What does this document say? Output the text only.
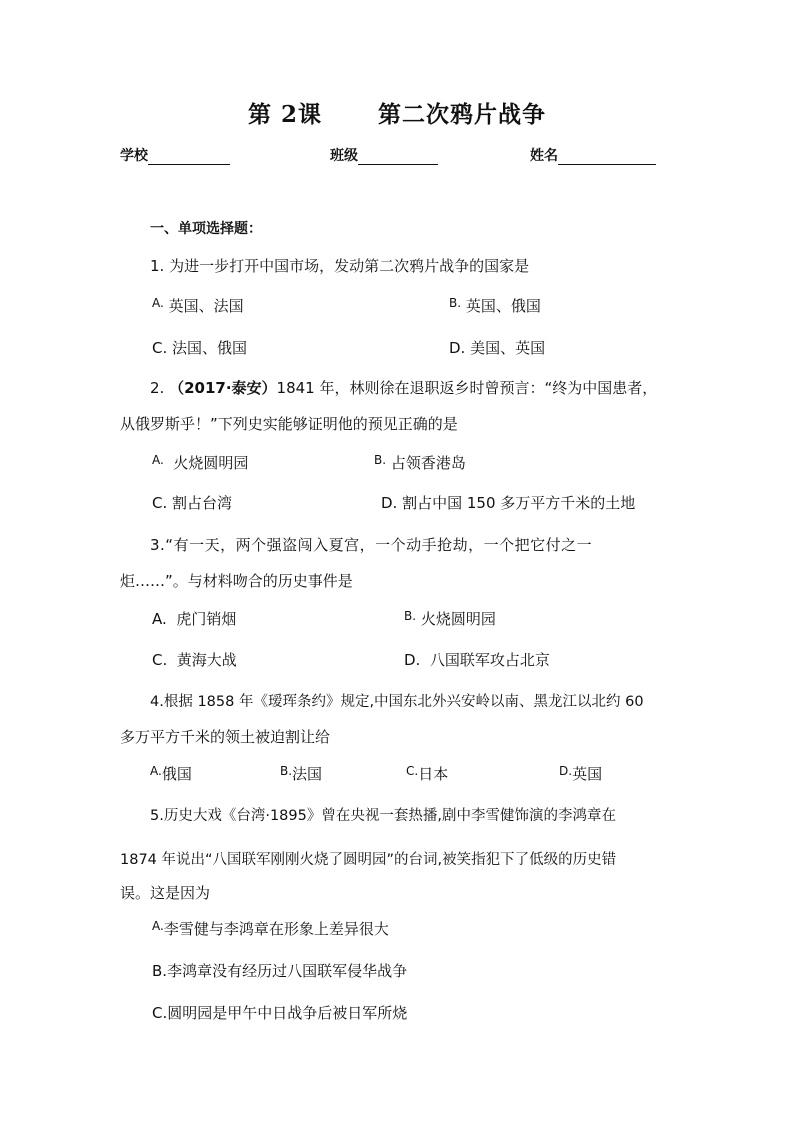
第 2课 第二次鸦片战争
学校	班级	姓名
一、单项选择题：
1. 为进一步打开中国市场，发动第二次鸦片战争的国家是
$^{A.}$ 英国、法国	$^{B.}$ 英国、俄国
C. 法国、俄国	D. 美国、英国
2. （2017·泰安）1841 年，林则徐在退职返乡时曾预言：“终为中国患者，
从俄罗斯乎！”下列史实能够证明他的预见正确的是
$^{A.}$ 火烧圆明园	$^{B.}$ 占领香港岛
C. 割占台湾	D. 割占中国 150 多万平方千米的土地
3.“有一天，两个强盗闯入夏宫，一个动手抢劫，一个把它付之一
炬……”。与材料吻合的历史事件是
A. 虎门销烟	$^{B.}$ 火烧圆明园
C. 黄海大战	D. 八国联军攻占北京
4.根据 1858 年《瑷珲条约》规定,中国东北外兴安岭以南、黑龙江以北约 60
多万平方千米的领土被迫割让给
$^{A.}$俄国	$^{B.}$法国	$^{C.}$日本	$^{D.}$英国
5.历史大戏《台湾·1895》曾在央视一套热播,剧中李雪健饰演的李鸿章在
1874 年说出“八国联军刚刚火烧了圆明园”的台词,被笑指犯下了低级的历史错
误。这是因为
$^{A.}$李雪健与李鸿章在形象上差异很大
B.李鸿章没有经历过八国联军侵华战争
C.圆明园是甲午中日战争后被日军所烧
